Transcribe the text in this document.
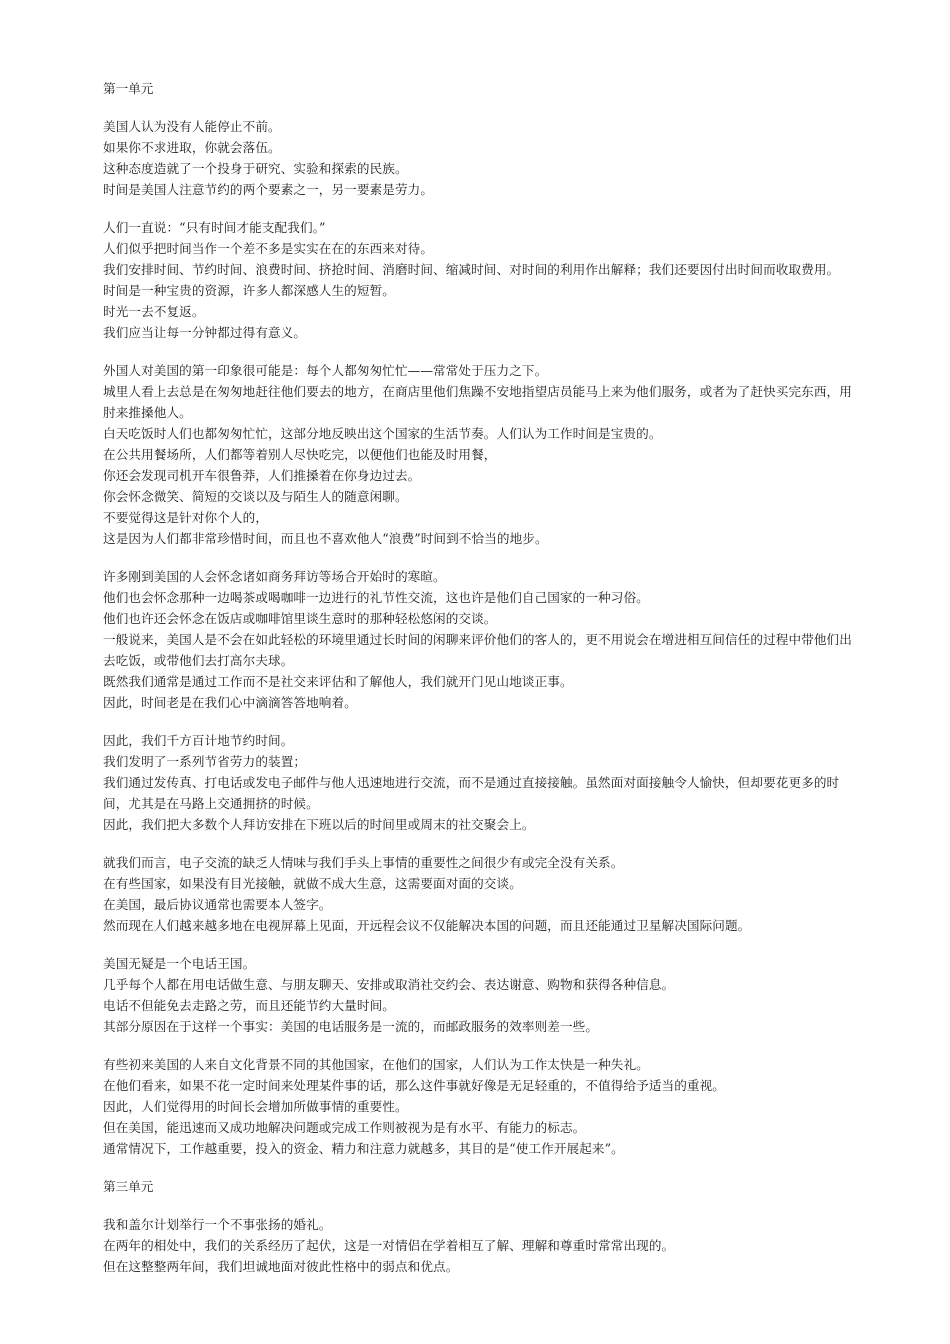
第一单元
美国人认为没有人能停止不前。
如果你不求进取，你就会落伍。
这种态度造就了一个投身于研究、实验和探索的民族。
时间是美国人注意节约的两个要素之一，另一要素是劳力。
人们一直说：“只有时间才能支配我们。”
人们似乎把时间当作一个差不多是实实在在的东西来对待。
我们安排时间、节约时间、浪费时间、挤抢时间、消磨时间、缩减时间、对时间的利用作出解释；我们还要因付出时间而收取费用。
时间是一种宝贵的资源，许多人都深感人生的短暂。
时光一去不复返。
我们应当让每一分钟都过得有意义。
外国人对美国的第一印象很可能是：每个人都匆匆忙忙——常常处于压力之下。
城里人看上去总是在匆匆地赶往他们要去的地方，在商店里他们焦躁不安地指望店员能马上来为他们服务，或者为了赶快买完东西，用肘来推搡他人。
白天吃饭时人们也都匆匆忙忙，这部分地反映出这个国家的生活节奏。人们认为工作时间是宝贵的。
在公共用餐场所，人们都等着别人尽快吃完，以便他们也能及时用餐，
你还会发现司机开车很鲁莽，人们推搡着在你身边过去。
你会怀念微笑、简短的交谈以及与陌生人的随意闲聊。
不要觉得这是针对你个人的，
这是因为人们都非常珍惜时间，而且也不喜欢他人“浪费”时间到不恰当的地步。
许多刚到美国的人会怀念诸如商务拜访等场合开始时的寒暄。
他们也会怀念那种一边喝茶或喝咖啡一边进行的礼节性交流，这也许是他们自己国家的一种习俗。
他们也许还会怀念在饭店或咖啡馆里谈生意时的那种轻松悠闲的交谈。
一般说来，美国人是不会在如此轻松的环境里通过长时间的闲聊来评价他们的客人的，更不用说会在增进相互间信任的过程中带他们出去吃饭，或带他们去打高尔夫球。
既然我们通常是通过工作而不是社交来评估和了解他人，我们就开门见山地谈正事。
因此，时间老是在我们心中滴滴答答地响着。
因此，我们千方百计地节约时间。
我们发明了一系列节省劳力的装置；
我们通过发传真、打电话或发电子邮件与他人迅速地进行交流，而不是通过直接接触。虽然面对面接触令人愉快，但却要花更多的时间，尤其是在马路上交通拥挤的时候。
因此，我们把大多数个人拜访安排在下班以后的时间里或周末的社交聚会上。
就我们而言，电子交流的缺乏人情味与我们手头上事情的重要性之间很少有或完全没有关系。
在有些国家，如果没有目光接触，就做不成大生意，这需要面对面的交谈。
在美国，最后协议通常也需要本人签字。
然而现在人们越来越多地在电视屏幕上见面，开远程会议不仅能解决本国的问题，而且还能通过卫星解决国际问题。
美国无疑是一个电话王国。
几乎每个人都在用电话做生意、与朋友聊天、安排或取消社交约会、表达谢意、购物和获得各种信息。
电话不但能免去走路之劳，而且还能节约大量时间。
其部分原因在于这样一个事实：美国的电话服务是一流的，而邮政服务的效率则差一些。
有些初来美国的人来自文化背景不同的其他国家，在他们的国家，人们认为工作太快是一种失礼。
在他们看来，如果不花一定时间来处理某件事的话，那么这件事就好像是无足轻重的，不值得给予适当的重视。
因此，人们觉得用的时间长会增加所做事情的重要性。
但在美国，能迅速而又成功地解决问题或完成工作则被视为是有水平、有能力的标志。
通常情况下，工作越重要，投入的资金、精力和注意力就越多，其目的是“使工作开展起来”。
第三单元
我和盖尔计划举行一个不事张扬的婚礼。
在两年的相处中，我们的关系经历了起伏，这是一对情侣在学着相互了解、理解和尊重时常常出现的。
但在这整整两年间，我们坦诚地面对彼此性格中的弱点和优点。
